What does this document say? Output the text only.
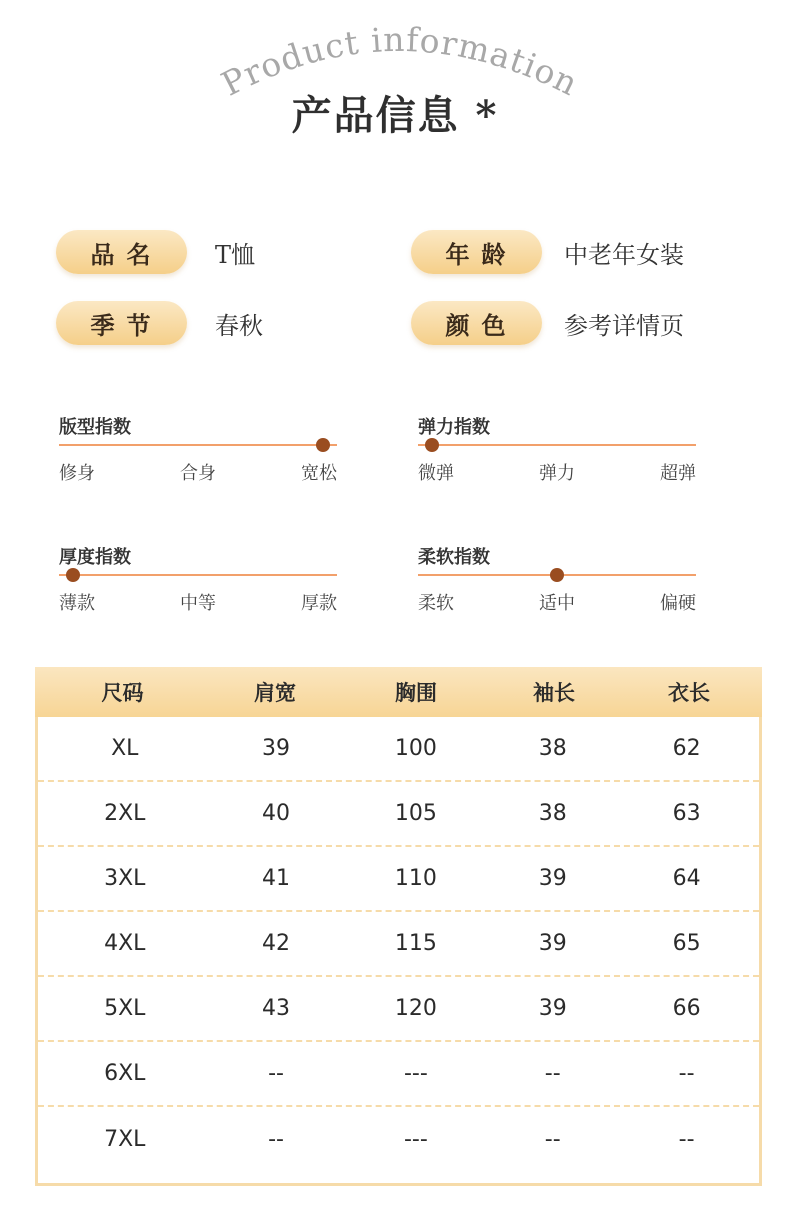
Product information
产品信息 *
品名	T恤	年龄	中老年女装
季节	春秋	颜色	参考详情页
版型指数
修身	合身	宽松
弹力指数
微弹	弹力	超弹
厚度指数
薄款	中等	厚款
柔软指数
柔软	适中	偏硬
尺码	肩宽	胸围	袖长	衣长
XL	39	100	38	62
2XL	40	105	38	63
3XL	41	110	39	64
4XL	42	115	39	65
5XL	43	120	39	66
6XL	--	---	--	--
7XL	--	---	--	--
